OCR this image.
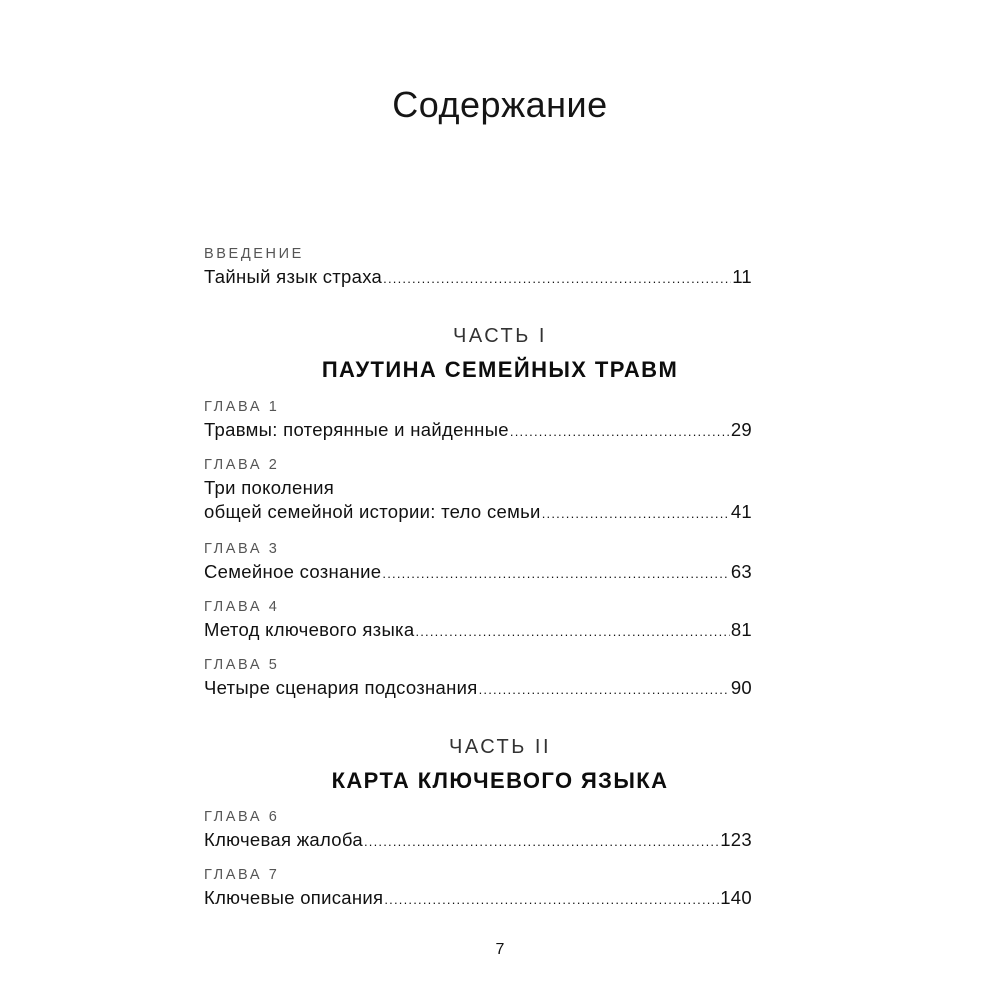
Содержание
ВВЕДЕНИЕ
Тайный язык страха .....	11
ЧАСТЬ I
ПАУТИНА СЕМЕЙНЫХ ТРАВМ
ГЛАВА 1
Травмы: потерянные и найденные .....	29
ГЛАВА 2
Три поколения
общей семейной истории: тело семьи .....	41
ГЛАВА 3
Семейное сознание .....	63
ГЛАВА 4
Метод ключевого языка .....	81
ГЛАВА 5
Четыре сценария подсознания .....	90
ЧАСТЬ II
КАРТА КЛЮЧЕВОГО ЯЗЫКА
ГЛАВА 6
Ключевая жалоба .....	123
ГЛАВА 7
Ключевые описания .....	140
7
